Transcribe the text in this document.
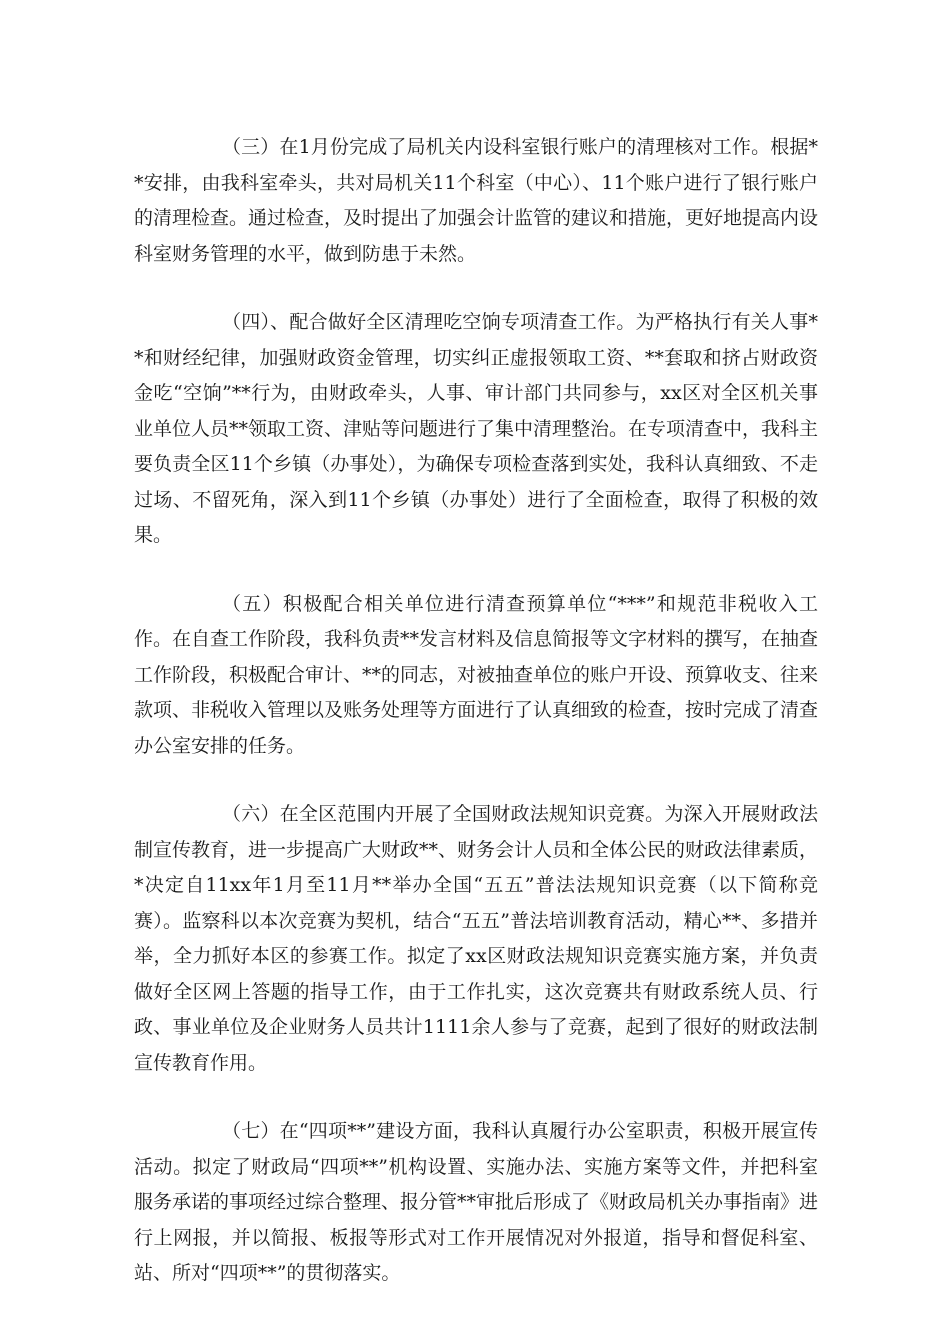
（三）在1月份完成了局机关内设科室银行账户的清理核对工作。根据**安排，由我科室牵头，共对局机关11个科室（中心）、11个账户进行了银行账户的清理检查。通过检查，及时提出了加强会计监管的建议和措施，更好地提高内设科室财务管理的水平，做到防患于未然。

（四）、配合做好全区清理吃空饷专项清查工作。为严格执行有关人事**和财经纪律，加强财政资金管理，切实纠正虚报领取工资、**套取和挤占财政资金吃“空饷”**行为，由财政牵头，人事、审计部门共同参与，xx区对全区机关事业单位人员**领取工资、津贴等问题进行了集中清理整治。在专项清查中，我科主要负责全区11个乡镇（办事处），为确保专项检查落到实处，我科认真细致、不走过场、不留死角，深入到11个乡镇（办事处）进行了全面检查，取得了积极的效果。

（五）积极配合相关单位进行清查预算单位“***”和规范非税收入工作。在自查工作阶段，我科负责**发言材料及信息简报等文字材料的撰写，在抽查工作阶段，积极配合审计、**的同志，对被抽查单位的账户开设、预算收支、往来款项、非税收入管理以及账务处理等方面进行了认真细致的检查，按时完成了清查办公室安排的任务。

（六）在全区范围内开展了全国财政法规知识竞赛。为深入开展财政法制宣传教育，进一步提高广大财政**、财务会计人员和全体公民的财政法律素质，*决定自11xx年1月至11月**举办全国“五五”普法法规知识竞赛（以下简称竞赛）。监察科以本次竞赛为契机，结合“五五”普法培训教育活动，精心**、多措并举，全力抓好本区的参赛工作。拟定了xx区财政法规知识竞赛实施方案，并负责做好全区网上答题的指导工作，由于工作扎实，这次竞赛共有财政系统人员、行政、事业单位及企业财务人员共计1111余人参与了竞赛，起到了很好的财政法制宣传教育作用。

（七）在“四项**”建设方面，我科认真履行办公室职责，积极开展宣传活动。拟定了财政局“四项**”机构设置、实施办法、实施方案等文件，并把科室服务承诺的事项经过综合整理、报分管**审批后形成了《财政局机关办事指南》进行上网报，并以简报、板报等形式对工作开展情况对外报道，指导和督促科室、站、所对“四项**”的贯彻落实。
